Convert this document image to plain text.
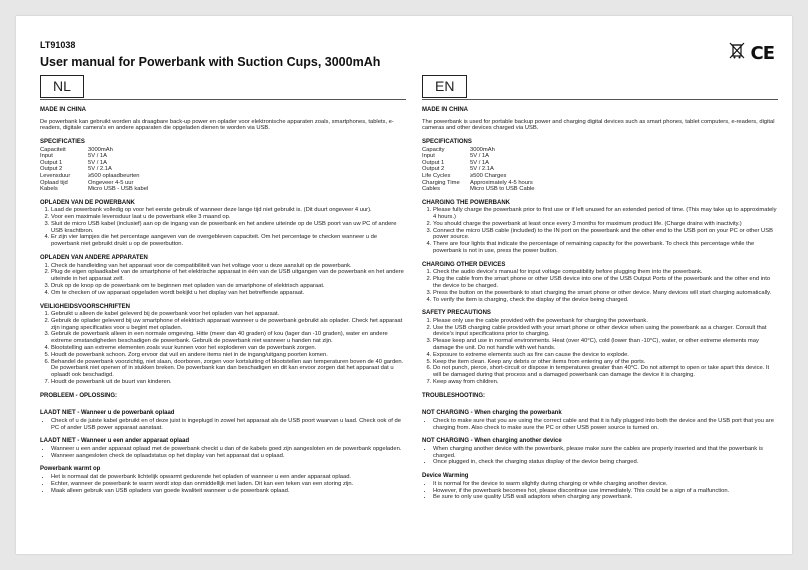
LT91038
User manual for Powerbank with Suction Cups, 3000mAh	CE
NL
MADE IN CHINA
De powerbank kan gebruikt worden als draagbare back-up power en oplader voor elektronische apparaten zoals, smartphones, tablets, e-readers, digitale camera's en andere apparaten die opgeladen dienen te worden via USB.
SPECIFICATIES
Capaciteit	3000mAh
Input	5V / 1A
Output 1	5V / 1A
Output 2	5V / 2.1A
Levensduur	≥500 oplaadbeurten
Oplaad tijd	Ongeveer 4-5 uur
Kabels	Micro USB - USB kabel
OPLADEN VAN DE POWERBANK
1. Laad de powerbank volledig op voor het eerste gebruik of wanneer deze lange tijd niet gebruikt is. (Dit duurt ongeveer 4 uur).
2. Voor een maximale levensduur laat u de powerbank elke 3 maand op.
3. Sluit de micro USB kabel (inclusief) aan op de ingang van de powerbank en het andere uiteinde op de USB poort van uw PC of andere USB krachtbron.
4. Er zijn vier lampjes die het percentage aangeven van de overgebleven capaciteit. Om het percentage te checken wanneer u de powerbank niet gebruikt drukt u op de powerbutton.
OPLADEN VAN ANDERE APPARATEN
1. Check de handleiding van het apparaat voor de compatibiliteit van het voltage voor u deze aansluit op de powerbank.
2. Plug de eigen oplaadkabel van de smartphone of het elektrische apparaat in één van de USB uitgangen van de powerbank en het andere uiteinde in het apparaat zelf.
3. Druk op de knop op de powerbank om te beginnen met opladen van de smartphone of elektrisch apparaat.
4. Om te checken of uw apparaat opgeladen wordt bekijkt u het display van het betreffende apparaat.
VEILIGHEIDSVOORSCHRIFTEN
1. Gebruikt u alleen de kabel geleverd bij de powerbank voor het opladen van het apparaat.
2. Gebruik de oplader geleverd bij uw smartphone of elektrisch apparaat wanneer u de powerbank gebruikt als oplader. Check het apparaat zijn ingang specificaties voor u begint met opladen.
3. Gebruik de powerbank alleen in een normale omgeving. Hitte (meer dan 40 graden) of kou (lager dan -10 graden), water en andere extreme omstandigheden beschadigen de powerbank. Gebruik de powerbank niet wanneer u handen nat zijn.
4. Blootstelling aan extreme elementen zoals vuur kunnen voor het exploderen van de powerbank zorgen.
5. Houdt de powerbank schoon. Zorg ervoor dat vuil en andere items niet in de ingang/uitgang poorten komen.
6. Behandel de powerbank voorzichtig, niet slaan, doorboren, zorgen voor kortsluiting of blootstellen aan temperaturen boven de 40 garden. De powerbank niet openen of in stukken breken. De powerbank kan dan beschadigen en dit kan ervoor zorgen dat het apparaat dat u oplaadt ook beschadigd.
7. Houdt de powerbank uit de buurt van kinderen.
PROBLEEM - OPLOSSING:
LAADT NIET - Wanneer u de powerbank oplaad
• Check of u de juiste kabel gebruikt en of deze juist is ingeplugd in zowel het apparaat als de USB poort waarvan u laad. Check ook of de PC of ander USB power apparaat aanstaat.
LAADT NIET - Wanneer u een ander apparaat oplaad
• Wanneer u een ander apparaat oplaad met de powerbank checkt u dan of de kabels goed zijn aangesloten en de powerbank opgeladen.
• Wanneer aangesloten check de oplaadstatus op het display van het apparaat dat u oplaad.
Powerbank warmt op
• Het is normaal dat de powerbank lichtelijk opwarmt gedurende het opladen of wanneer u een ander apparaat oplaad.
• Echter, wanneer de powerbank te warm wordt stop dan onmiddellijk met laden. Dit kan een teken van een storing zijn.
• Maak alleen gebruik van USB opladers van goede kwaliteit wanneer u de powerbank oplaad.
EN
MADE IN CHINA
The powerbank is used for portable backup power and charging digital devices such as smart phones, tablet computers, e-readers, digital cameras and other devices charged via USB.
SPECIFICATIONS
Capacity	3000mAh
Input	5V / 1A
Output 1	5V / 1A
Output 2	5V / 2.1A
Life Cycles	≥500 Charges
Charging Time	Approximately 4-5 hours
Cables	Micro USB to USB Cable
CHARGING THE POWERBANK
1. Please fully charge the powerbank prior to first use or if left unused for an extended period of time. (This may take up to approximately 4 hours.)
2. You should charge the powerbank at least once every 3 months for maximum product life. (Charge drains with inactivity.)
3. Connect the micro USB cable (included) to the IN port on the powerbank and the other end to the USB port on your PC or other USB power source.
4. There are four lights that indicate the percentage of remaining capacity for the powerbank. To check this percentage while the powerbank is not in use, press the power button.
CHARGING OTHER DEVICES
1. Check the audio device's manual for input voltage compatibility before plugging them into the powerbank.
2. Plug the cable from the smart phone or other USB device into one of the USB Output Ports of the powerbank and the other end into the device to be charged.
3. Press the button on the powerbank to start charging the smart phone or other device. Many devices will start charging automatically.
4. To verify the item is charging, check the display of the device being charged.
SAFETY PRECAUTIONS
1. Please only use the cable provided with the powerbank for charging the powerbank.
2. Use the USB charging cable provided with your smart phone or other device when using the powerbank as a charger. Consult that device's input specifications prior to charging.
3. Please keep and use in normal environments. Heat (over 40°C), cold (lower than -10°C), water, or other extreme elements may damage the unit. Do not handle with wet hands.
4. Exposure to extreme elements such as fire can cause the device to explode.
5. Keep the item clean. Keep any debris or other items from entering any of the ports.
6. Do not punch, pierce, short-circuit or dispose in temperatures greater than 40°C. Do not attempt to open or take apart this device. It will be damaged during that process and a damaged powerbank can damage the device it is charging.
7. Keep away from children.
TROUBLESHOOTING:
NOT CHARGING - When charging the powerbank
• Check to make sure that you are using the correct cable and that it is fully plugged into both the device and the USB port that you are charging from. Also check to make sure the PC or other USB power source is turned on.
NOT CHARGING - When charging another device
• When charging another device with the powerbank, please make sure the cables are properly inserted and that the powerbank is charged.
• Once plugged in, check the charging status display of the device being charged.
Device Warming
• It is normal for the device to warm slightly during charging or while charging another device.
• However, if the powerbank becomes hot, please discontinue use immediately. This could be a sign of a malfunction.
• Be sure to only use quality USB wall adaptors when charging any powerbank.
